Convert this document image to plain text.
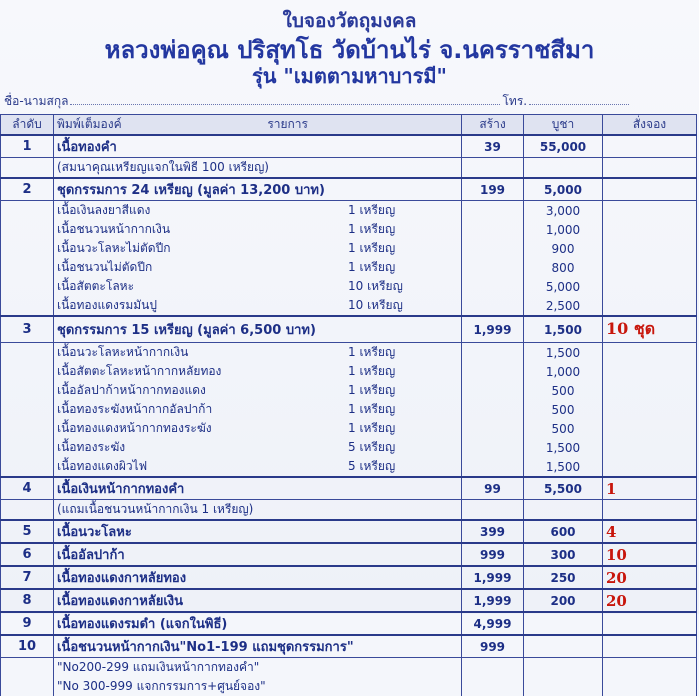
ใบจองวัตถุมงคล
หลวงพ่อคูณ ปริสุทโธ วัดบ้านไร่ จ.นครราชสีมา
รุ่น "เมตตามหาบารมี"
ชื่อ-นามสกุล	โทร.
ลำดับ	พิมพ์เต็มองค์ รายการ	สร้าง	บูชา	สั่งจอง
1	เนื้อทองคำ	39	55,000	

	(สมนาคุณเหรียญแจกในพิธี 100 เหรียญ)			

2	ชุดกรรมการ 24 เหรียญ (มูลค่า 13,200 บาท)	199	5,000	

	เนื้อเงินลงยาสีแดง 1 เหรียญ		3,000	

	เนื้อชนวนหน้ากากเงิน 1 เหรียญ		1,000	

	เนื้อนวะโลหะไม่ตัดปีก 1 เหรียญ		900	

	เนื้อชนวนไม่ตัดปีก 1 เหรียญ		800	

	เนื้อสัตตะโลหะ 10 เหรียญ		5,000	

	เนื้อทองแดงรมมันปู 10 เหรียญ		2,500	
3	ชุดกรรมการ 15 เหรียญ (มูลค่า 6,500 บาท)	1,999	1,500	10 ชุด

	เนื้อนวะโลหะหน้ากากเงิน 1 เหรียญ		1,500	

	เนื้อสัตตะโลหะหน้ากากหลัยทอง 1 เหรียญ		1,000	

	เนื้ออัลปาก้าหน้ากากทองแดง 1 เหรียญ		500	

	เนื้อทองระฆังหน้ากากอัลปาก้า 1 เหรียญ		500	

	เนื้อทองแดงหน้ากากทองระฆัง 1 เหรียญ		500	

	เนื้อทองระฆัง 5 เหรียญ		1,500	

	เนื้อทองแดงผิวไฟ 5 เหรียญ		1,500	
4	เนื้อเงินหน้ากากทองคำ	99	5,500	1

	(แถมเนื้อชนวนหน้ากากเงิน 1 เหรียญ)			

5	เนื้อนวะโลหะ	399	600	4
6	เนื้ออัลปาก้า	999	300	10
7	เนื้อทองแดงกาหลัยทอง	1,999	250	20
8	เนื้อทองแดงกาหลัยเงิน	1,999	200	20
9	เนื้อทองแดงรมดำ (แจกในพิธี)	4,999		
10	เนื้อชนวนหน้ากากเงิน"No1-199 แถมชุดกรรมการ"	999		

	"No200-299 แถมเงินหน้ากากทองคำ"			

	"No 300-999 แจกกรรมการ+ศูนย์จอง"			
